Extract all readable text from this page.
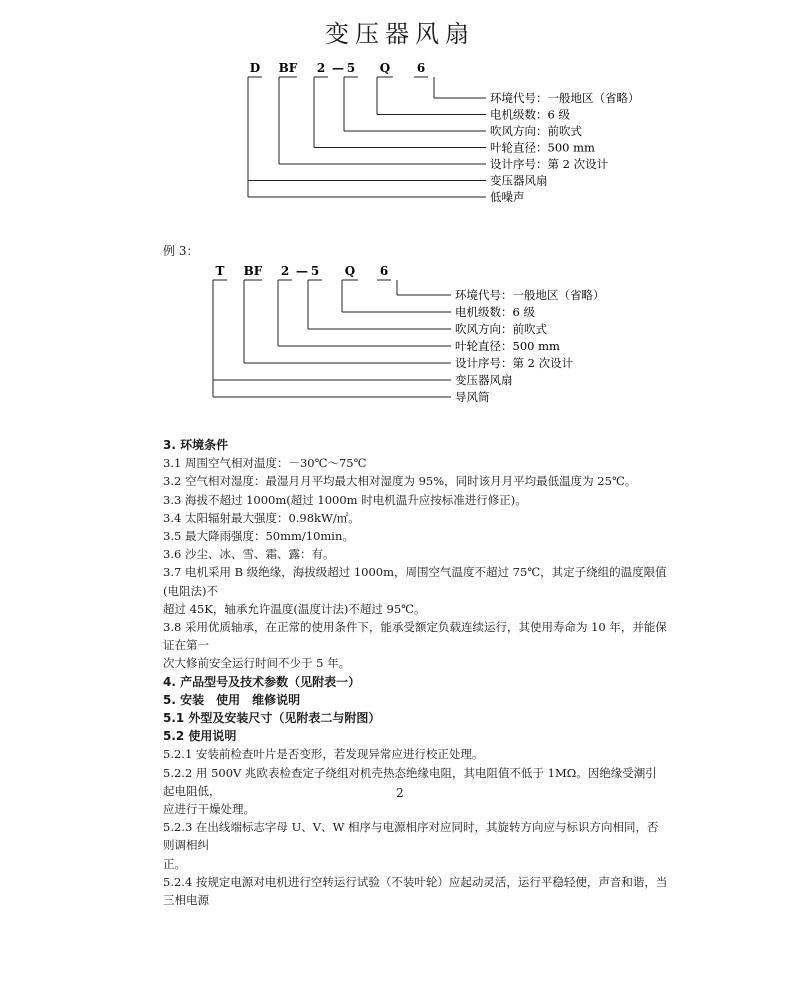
变压器风扇
D BF 2 — 5 Q 6
环境代号：一般地区（省略）
电机级数：6 级
吹风方向：前吹式
叶轮直径：500 mm
设计序号：第 2 次设计
变压器风扇
低噪声
例 3：
T BF 2 — 5 Q 6
环境代号：一般地区（省略）
电机级数：6 级
吹风方向：前吹式
叶轮直径：500 mm
设计序号：第 2 次设计
变压器风扇
导风筒

3. 环境条件

3.1 周围空气相对温度：－30℃～75℃

3.2 空气相对湿度：最湿月月平均最大相对湿度为 95%，同时该月月平均最低温度为 25℃。

3.3 海拔不超过 1000m(超过 1000m 时电机温升应按标准进行修正)。

3.4 太阳辐射最大强度：0.98kW/㎡。

3.5 最大降雨强度：50mm/10min。

3.6 沙尘、冰、雪、霜、露：有。

3.7 电机采用 B 级绝缘，海拔级超过 1000m，周围空气温度不超过 75℃，其定子绕组的温度限值(电阻法)不

超过 45K，轴承允许温度(温度计法)不超过 95℃。

3.8 采用优质轴承，在正常的使用条件下，能承受额定负载连续运行，其使用寿命为 10 年，并能保证在第一

次大修前安全运行时间不少于 5 年。

4. 产品型号及技术参数（见附表一）

5. 安装　使用　维修说明

5.1 外型及安装尺寸（见附表二与附图）

5.2 使用说明

5.2.1 安装前检查叶片是否变形，若发现异常应进行校正处理。

5.2.2 用 500V 兆欧表检查定子绕组对机壳热态绝缘电阻，其电阻值不低于 1MΩ。因绝缘受潮引起电阻低，

应进行干燥处理。

5.2.3 在出线端标志字母 U、V、W 相序与电源相序对应同时，其旋转方向应与标识方向相同，否则调相纠

正。

5.2.4 按规定电源对电机进行空转运行试验（不装叶轮）应起动灵活，运行平稳轻便，声音和谐，当三相电源

2
